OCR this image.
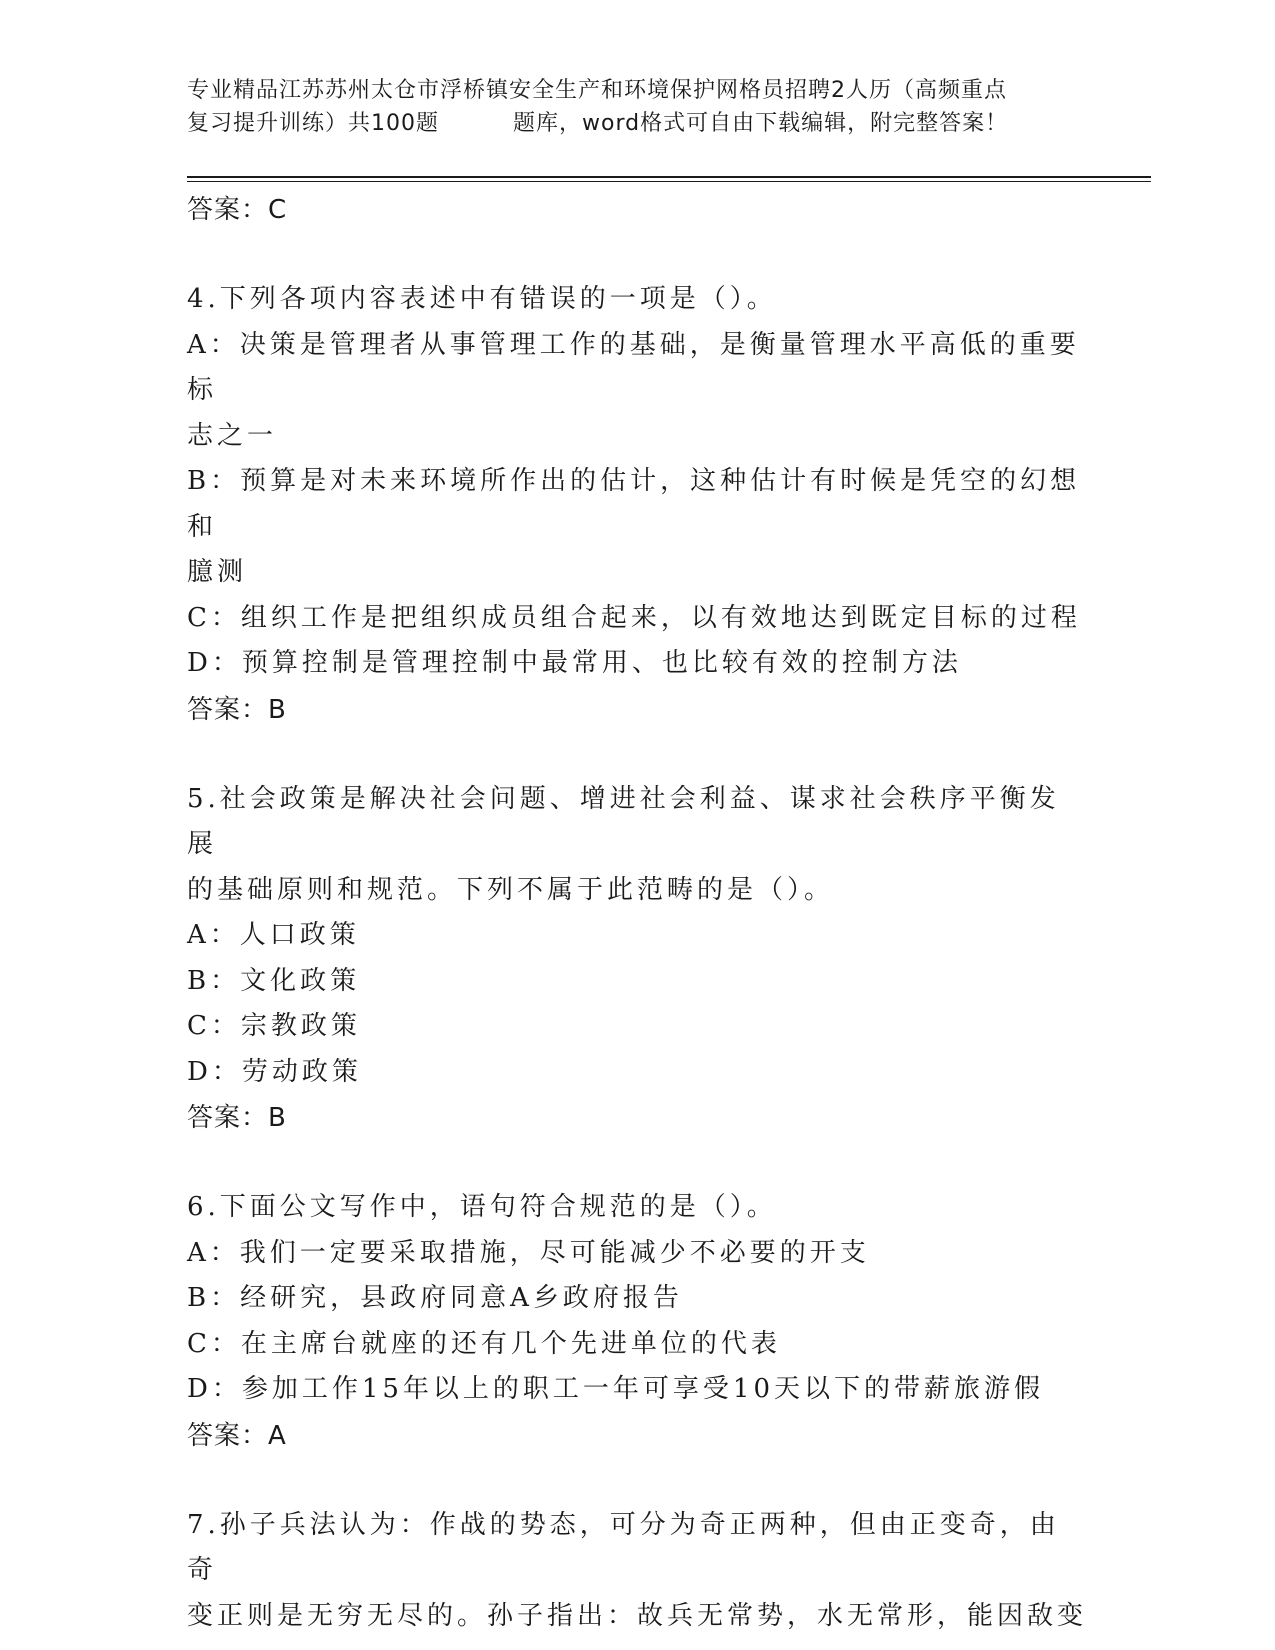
专业精品江苏苏州太仓市浮桥镇安全生产和环境保护网格员招聘2人历（高频重点
复习提升训练）共100题	题库，word格式可自由下载编辑，附完整答案！

答案：C

4.下列各项内容表述中有错误的一项是（）。

A：决策是管理者从事管理工作的基础，是衡量管理水平高低的重要标

志之一

B：预算是对未来环境所作出的估计，这种估计有时候是凭空的幻想和

臆测

C：组织工作是把组织成员组合起来，以有效地达到既定目标的过程

D：预算控制是管理控制中最常用、也比较有效的控制方法

答案：B

5.社会政策是解决社会问题、增进社会利益、谋求社会秩序平衡发展

的基础原则和规范。下列不属于此范畴的是（）。

A：人口政策

B：文化政策

C：宗教政策

D：劳动政策

答案：B

6.下面公文写作中，语句符合规范的是（）。

A：我们一定要采取措施，尽可能减少不必要的开支

B：经研究，县政府同意A乡政府报告

C：在主席台就座的还有几个先进单位的代表

D：参加工作15年以上的职工一年可享受10天以下的带薪旅游假

答案：A

7.孙子兵法认为：作战的势态，可分为奇正两种，但由正变奇，由奇

变正则是无穷无尽的。孙子指出：故兵无常势，水无常形，能因敌变
